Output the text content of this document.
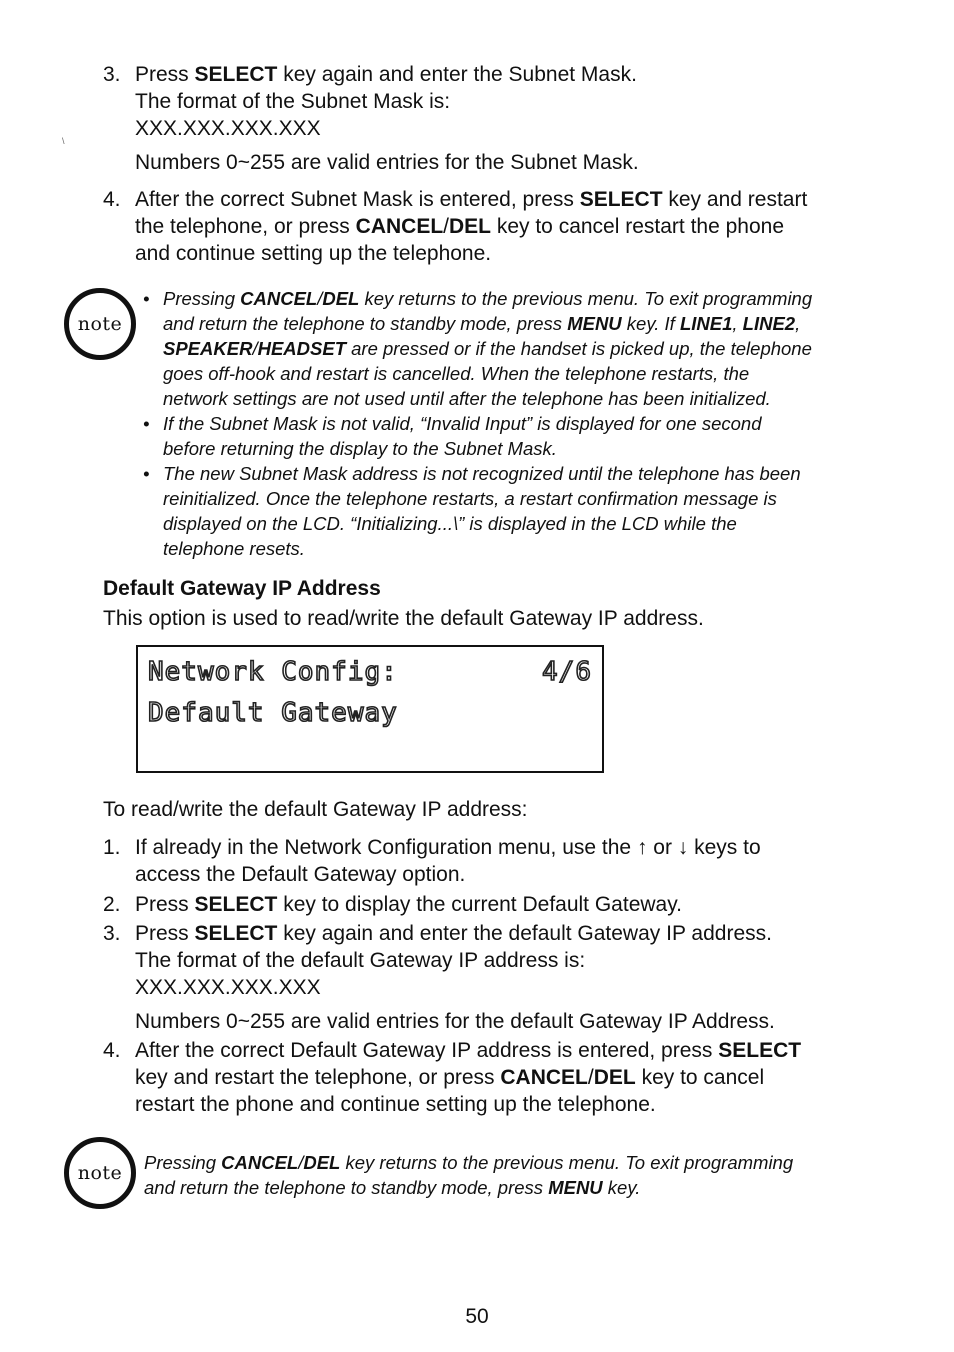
3. Press SELECT key again and enter the Subnet Mask.
The format of the Subnet Mask is:
XXX.XXX.XXX.XXX
\
Numbers 0~255 are valid entries for the Subnet Mask.
4. After the correct Subnet Mask is entered, press SELECT key and restart
the telephone, or press CANCEL/DEL key to cancel restart the phone
and continue setting up the telephone.
note
• Pressing CANCEL/DEL key returns to the previous menu. To exit programming
and return the telephone to standby mode, press MENU key. If LINE1, LINE2,
SPEAKER/HEADSET are pressed or if the handset is picked up, the telephone
goes off-hook and restart is cancelled. When the telephone restarts, the
network settings are not used until after the telephone has been initialized.
• If the Subnet Mask is not valid, “Invalid Input” is displayed for one second
before returning the display to the Subnet Mask.
• The new Subnet Mask address is not recognized until the telephone has been
reinitialized. Once the telephone restarts, a restart confirmation message is
displayed on the LCD. “Initializing...\” is displayed in the LCD while the
telephone resets.
Default Gateway IP Address
This option is used to read/write the default Gateway IP address.
Network Config:	4/6
Default Gateway
To read/write the default Gateway IP address:
1. If already in the Network Configuration menu, use the ↑ or ↓ keys to
access the Default Gateway option.
2. Press SELECT key to display the current Default Gateway.
3. Press SELECT key again and enter the default Gateway IP address.
The format of the default Gateway IP address is:
XXX.XXX.XXX.XXX
Numbers 0~255 are valid entries for the default Gateway IP Address.
4. After the correct Default Gateway IP address is entered, press SELECT
key and restart the telephone, or press CANCEL/DEL key to cancel
restart the phone and continue setting up the telephone.
note Pressing CANCEL/DEL key returns to the previous menu. To exit programming
and return the telephone to standby mode, press MENU key.
50
